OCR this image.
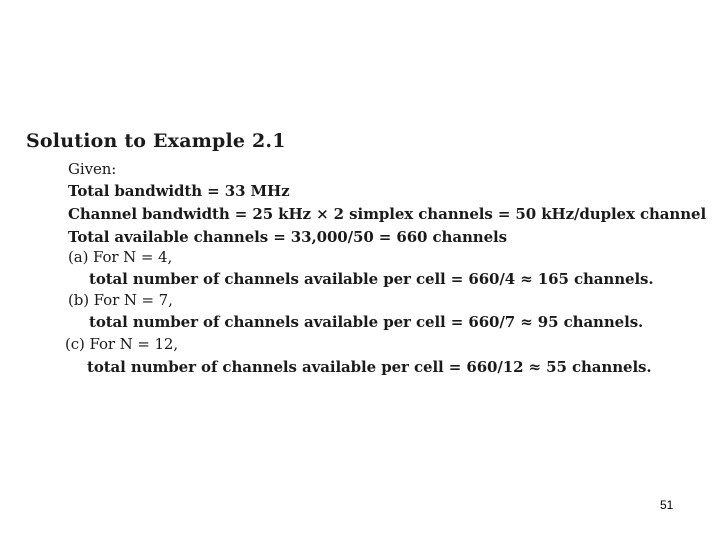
Solution to Example 2.1
Given:
Total bandwidth = 33 MHz
Channel bandwidth = 25 kHz × 2 simplex channels = 50 kHz/duplex channel
Total available channels = 33,000/50 = 660 channels
(a) For N = 4,
total number of channels available per cell = 660/4 ≈ 165 channels.
(b) For N = 7,
total number of channels available per cell = 660/7 ≈ 95 channels.
(c) For N = 12,
total number of channels available per cell = 660/12 ≈ 55 channels.
51
